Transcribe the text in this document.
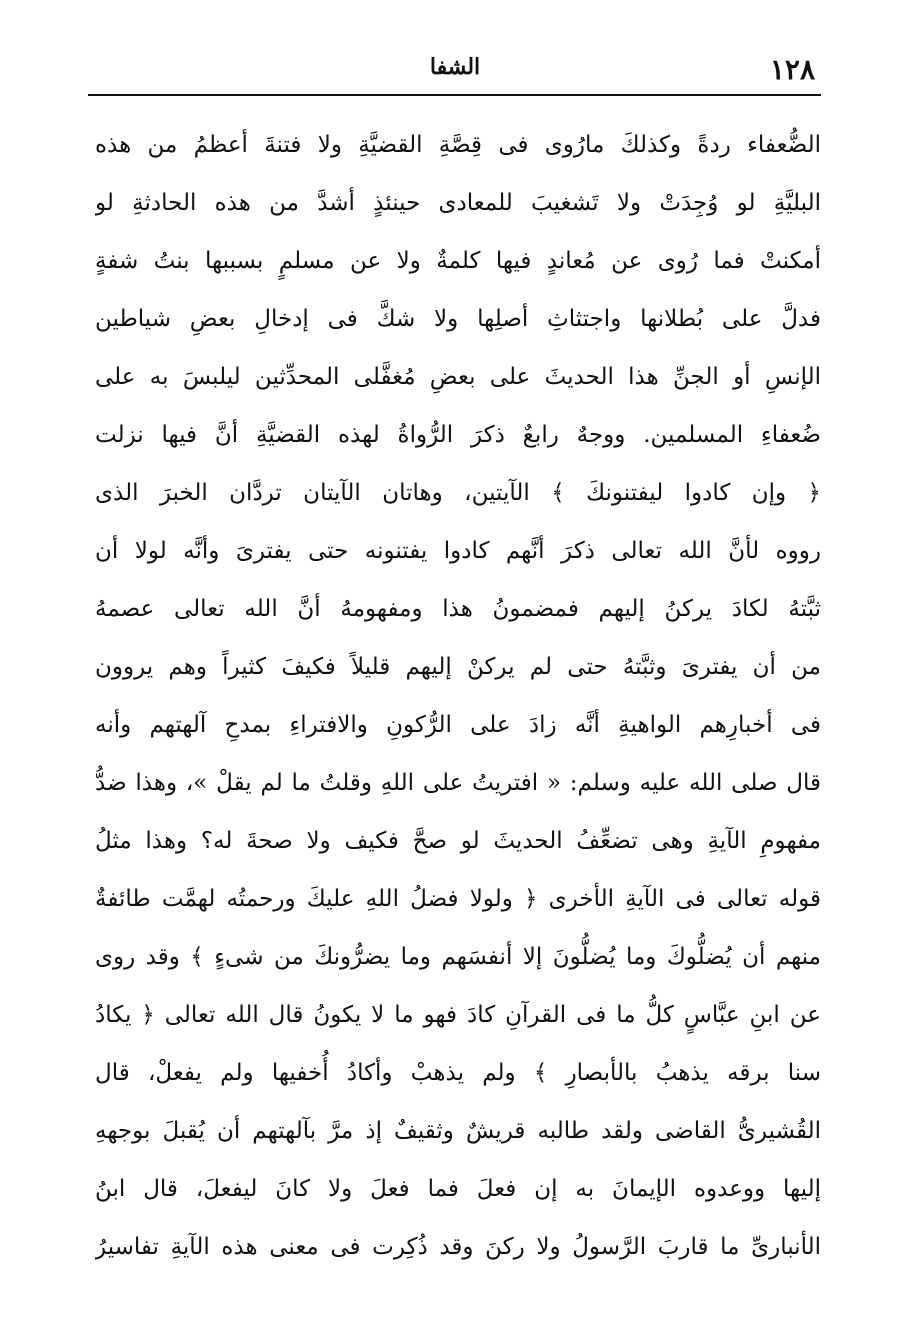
١٢٨
الشفا
الضُّعفاء ردةً وكذلكَ مارُوى فى قِصَّةِ القضيَّةِ ولا فتنةَ أعظمُ من هذه
البليَّةِ لو وُجِدَتْ ولا تَشغيبَ للمعادى حينئذٍ أشدَّ من هذه الحادثةِ لو
أمكنتْ فما رُوى عن مُعاندٍ فيها كلمةٌ ولا عن مسلمٍ بسببها بنتُ شفةٍ
فدلَّ على بُطلانها واجتثاثِ أصلِها ولا شكَّ فى إدخالِ بعضِ شياطين
الإنسِ أو الجنِّ هذا الحديثَ على بعضِ مُغفَّلى المحدِّثين ليلبسَ به على
ضُعفاءِ المسلمين. ووجهٌ رابعٌ ذكرَ الرُّواةُ لهذه القضيَّةِ أنَّ فيها نزلت
﴿ وإن كادوا ليفتنونكَ ﴾ الآيتين، وهاتان الآيتان تردَّان الخبرَ الذى
رووه لأنَّ الله تعالى ذكرَ أنَّهم كادوا يفتنونه حتى يفترىَ وأنَّه لولا أن
ثبَّتهُ لكادَ يركنُ إليهم فمضمونُ هذا ومفهومهُ أنَّ الله تعالى عصمهُ
من أن يفترىَ وثبَّتهُ حتى لم يركنْ إليهم قليلاً فكيفَ كثيراً وهم يروون
فى أخبارِهم الواهيةِ أنَّه زادَ على الرُّكونِ والافتراءِ بمدحِ آلهتهم وأنه
قال صلى الله عليه وسلم: « افتريتُ على اللهِ وقلتُ ما لم يقلْ »، وهذا ضدُّ
مفهومِ الآيةِ وهى تضعِّفُ الحديثَ لو صحَّ فكيف ولا صحةَ له؟ وهذا مثلُ
قوله تعالى فى الآيةِ الأخرى ﴿ ولولا فضلُ اللهِ عليكَ ورحمتُه لهمَّت طائفةٌ
منهم أن يُضلُّوكَ وما يُضلُّونَ إلا أنفسَهم وما يضرُّونكَ من شىءٍ ﴾ وقد روى
عن ابنِ عبَّاسٍ كلُّ ما فى القرآنِ كادَ فهو ما لا يكونُ قال الله تعالى ﴿ يكادُ
سنا برقه يذهبُ بالأبصارِ ﴾ ولم يذهبْ وأكادُ أُخفيها ولم يفعلْ، قال
القُشيرىُّ القاضى ولقد طالبه قريشٌ وثقيفٌ إذ مرَّ بآلهتهم أن يُقبلَ بوجههِ
إليها ووعدوه الإيمانَ به إن فعلَ فما فعلَ ولا كانَ ليفعلَ، قال ابنُ
الأنبارىِّ ما قاربَ الرَّسولُ ولا ركنَ وقد ذُكِرت فى معنى هذه الآيةِ تفاسيرُ
